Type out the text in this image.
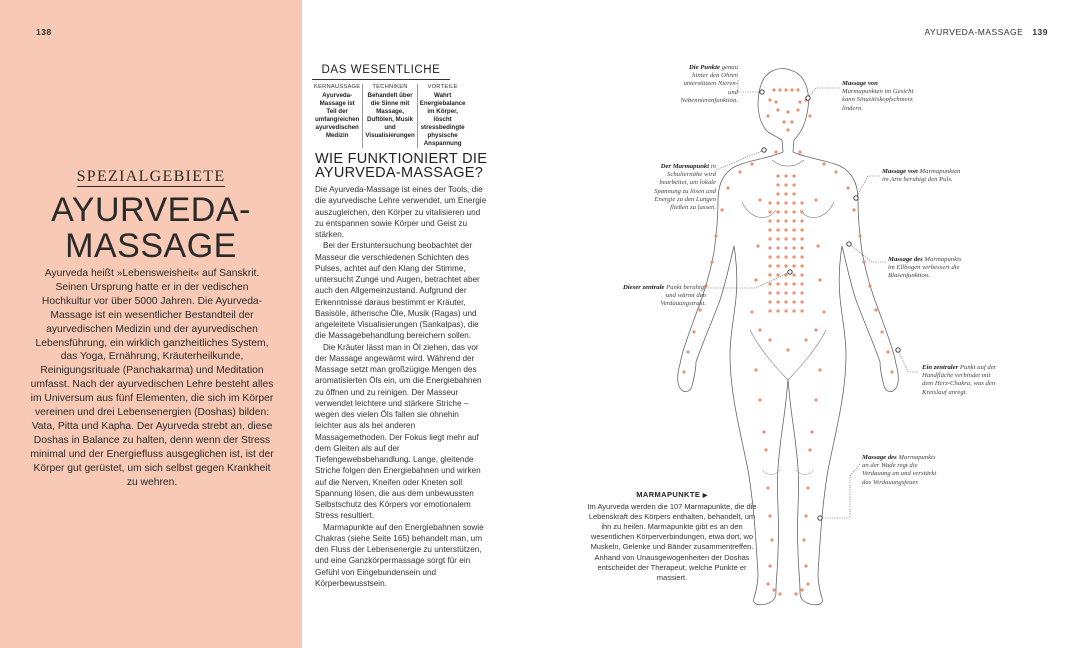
138
SPEZIALGEBIETE
AYURVEDA-
MASSAGE
Ayurveda heißt »Lebensweisheit« auf Sanskrit. Seinen Ursprung hatte er in der vedischen Hochkultur vor über 5000 Jahren. Die Ayurveda-Massage ist ein wesentlicher Bestandteil der ayurvedischen Medizin und der ayurvedischen Lebensführung, ein wirklich ganzheitliches System, das Yoga, Ernährung, Kräuterheilkunde, Reinigungsrituale (Panchakarma) und Meditation umfasst. Nach der ayurvedischen Lehre besteht alles im Universum aus fünf Elementen, die sich im Körper vereinen und drei Lebensenergien (Doshas) bilden: Vata, Pitta und Kapha. Der Ayurveda strebt an, diese Doshas in Balance zu halten, denn wenn der Stress minimal und der Energiefluss ausgeglichen ist, ist der Körper gut gerüstet, um sich selbst gegen Krankheit zu wehren.
DAS WESENTLICHE
KERNAUSSAGE
Ayurveda-Massage ist Teil der umfangreichen ayurvedischen Medizin
TECHNIKEN
Behandelt über die Sinne mit Massage, Duftölen, Musik und Visualisierungen
VORTEILE
Wahrt Energiebalance im Körper, löscht stressbedingte physische Anspannung
WIE FUNKTIONIERT DIE
AYURVEDA-MASSAGE?

Die Ayurveda-Massage ist eines der Tools, die die ayurvedische Lehre verwendet, um Energie auszugleichen, den Körper zu vitalisieren und zu entspannen sowie Körper und Geist zu stärken.

Bei der Erstuntersuchung beobachtet der Masseur die verschiedenen Schichten des Pulses, achtet auf den Klang der Stimme, untersucht Zunge und Augen, betrachtet aber auch den Allgemeinzustand. Aufgrund der Erkenntnisse daraus bestimmt er Kräuter, Basisöle, ätherische Öle, Musik (Ragas) und angeleitete Visualisierungen (Sankalpas), die die Massagebehandlung bereichern sollen.

Die Kräuter lässt man in Öl ziehen, das vor der Massage angewärmt wird. Während der Massage setzt man großzügige Mengen des aromatisierten Öls ein, um die Energiebahnen zu öffnen und zu reinigen. Der Masseur verwendet leichtere und stärkere Striche – wegen des vielen Öls fallen sie ohnehin leichter aus als bei anderen Massagemethoden. Der Fokus liegt mehr auf dem Gleiten als auf der Tiefengewebsbehandlung. Lange, gleitende Striche folgen den Energiebahnen und wirken auf die Nerven, Kneifen oder Kneten soll Spannung lösen, die aus dem unbewussten Selbstschutz des Körpers vor emotionalem Stress resultiert.

Marmapunkte auf den Energiebahnen sowie Chakras (siehe Seite 165) behandelt man, um den Fluss der Lebensenergie zu unterstützen, und eine Ganzkörpermassage sorgt für ein Gefühl von Eingebundensein und Körperbewusstsein.

AYURVEDA-MASSAGE 139
Die Punkte genau hinter den Ohren unterstützen Nieren- und Nebennierenfunktion.
Massage von Marmapunkten im Gesicht kann Sinusitiskopfschmerz lindern.
Der Marmapunkt in Schulternähe wird bearbeitet, um lokale Spannung zu lösen und Energie zu den Lungen fließen zu lassen.
Massage von Marmapunkten im Arm beruhigt den Puls.
Massage des Marmapunkts im Ellbogen verbessert die Blasenfunktion.
Dieser zentrale Punkt beruhigt und wärmt den Verdauungstrakt.
Ein zentraler Punkt auf der Handfläche verbindet mit dem Herz-Chakra, was den Kreislauf anregt.
Massage des Marmapunkts an der Wade regt die Verdauung an und verstärkt das Verdauungsfeuer.
MARMAPUNKTE ▶

Im Ayurveda werden die 107 Marmapunkte, die die Lebenskraft des Körpers enthalten, behandelt, um ihn zu heilen. Marmapunkte gibt es an den wesentlichen Körperverbindungen, etwa dort, wo Muskeln, Gelenke und Bänder zusammentreffen. Anhand von Unausgewogenheiten der Doshas entscheidet der Therapeut, welche Punkte er massiert.
